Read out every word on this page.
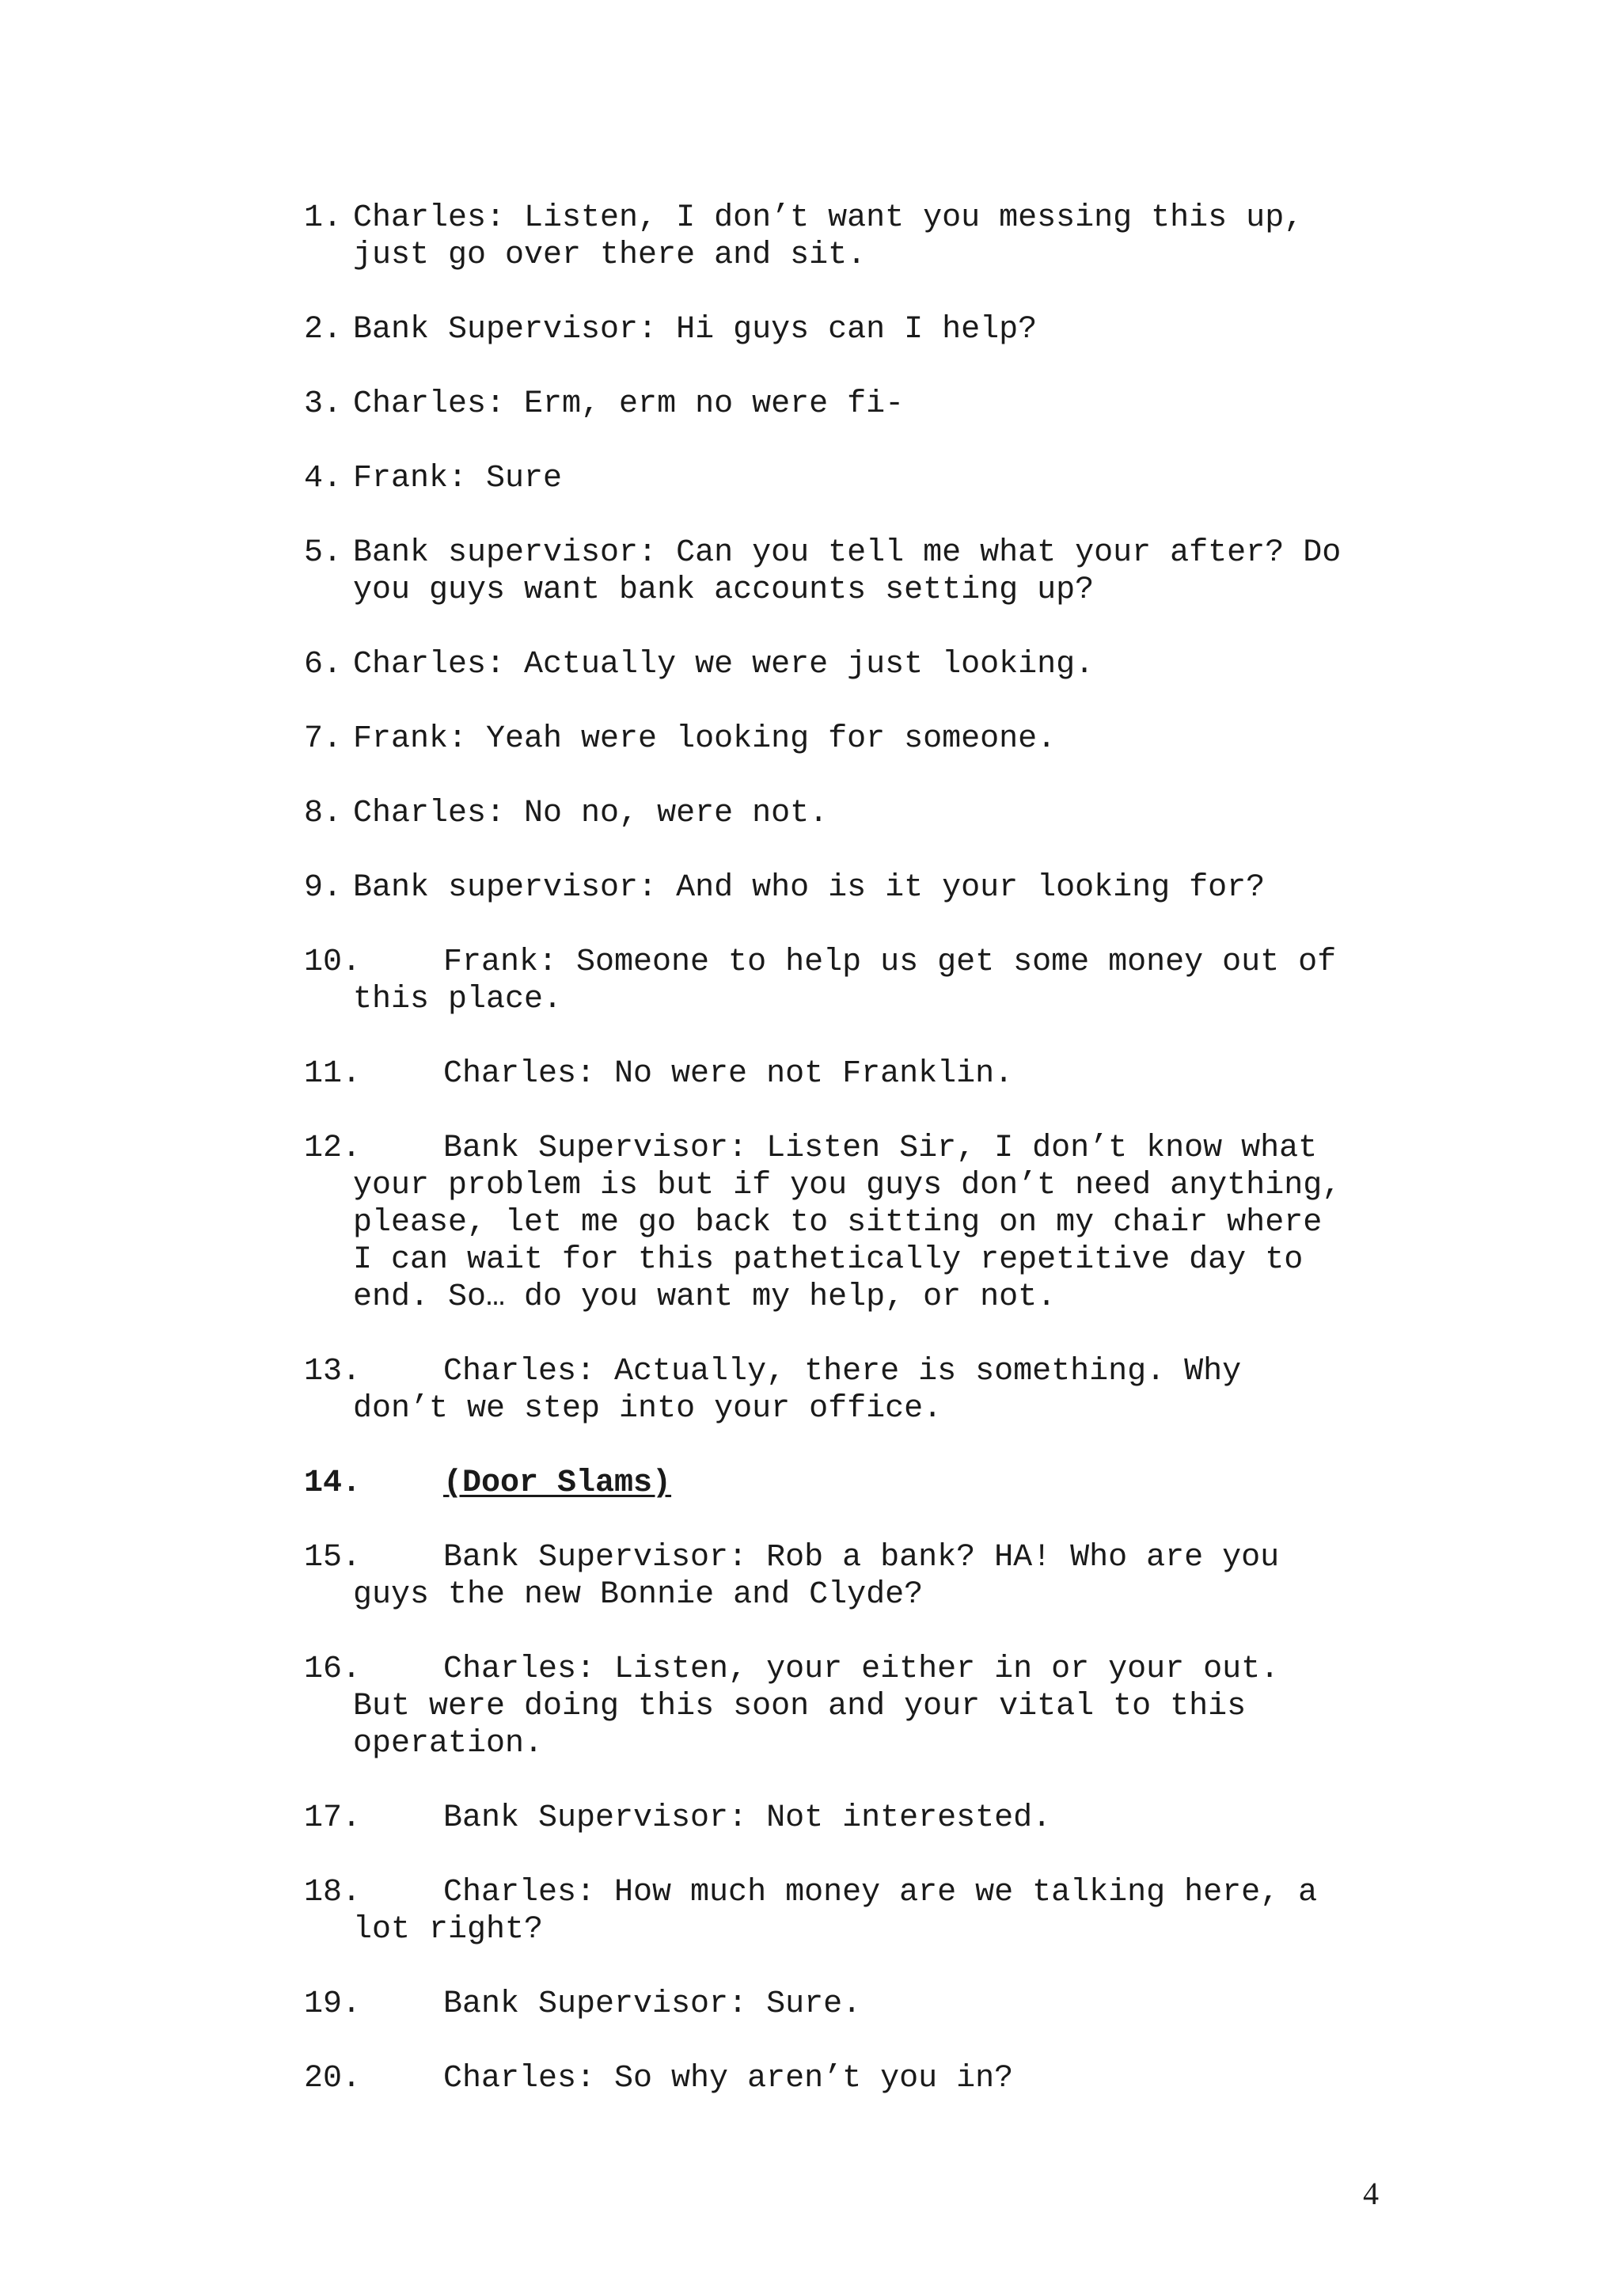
1. Charles: Listen, I don’t want you messing this up,
just go over there and sit.
2. Bank Supervisor: Hi guys can I help?
3. Charles: Erm, erm no were fi-
4. Frank: Sure
5. Bank supervisor: Can you tell me what your after? Do
you guys want bank accounts setting up?
6. Charles: Actually we were just looking.
7. Frank: Yeah were looking for someone.
8. Charles: No no, were not.
9. Bank supervisor: And who is it your looking for?
10.	Frank: Someone to help us get some money out of
this place.
11.	Charles: No were not Franklin.
12.	Bank Supervisor: Listen Sir, I don’t know what
your problem is but if you guys don’t need anything,
please, let me go back to sitting on my chair where
I can wait for this pathetically repetitive day to
end. So… do you want my help, or not.
13.	Charles: Actually, there is something. Why
don’t we step into your office.
14.	(Door Slams)
15.	Bank Supervisor: Rob a bank? HA! Who are you
guys the new Bonnie and Clyde?
16.	Charles: Listen, your either in or your out.
But were doing this soon and your vital to this
operation.
17.	Bank Supervisor: Not interested.
18.	Charles: How much money are we talking here, a
lot right?
19.	Bank Supervisor: Sure.
20.	Charles: So why aren’t you in?
4
